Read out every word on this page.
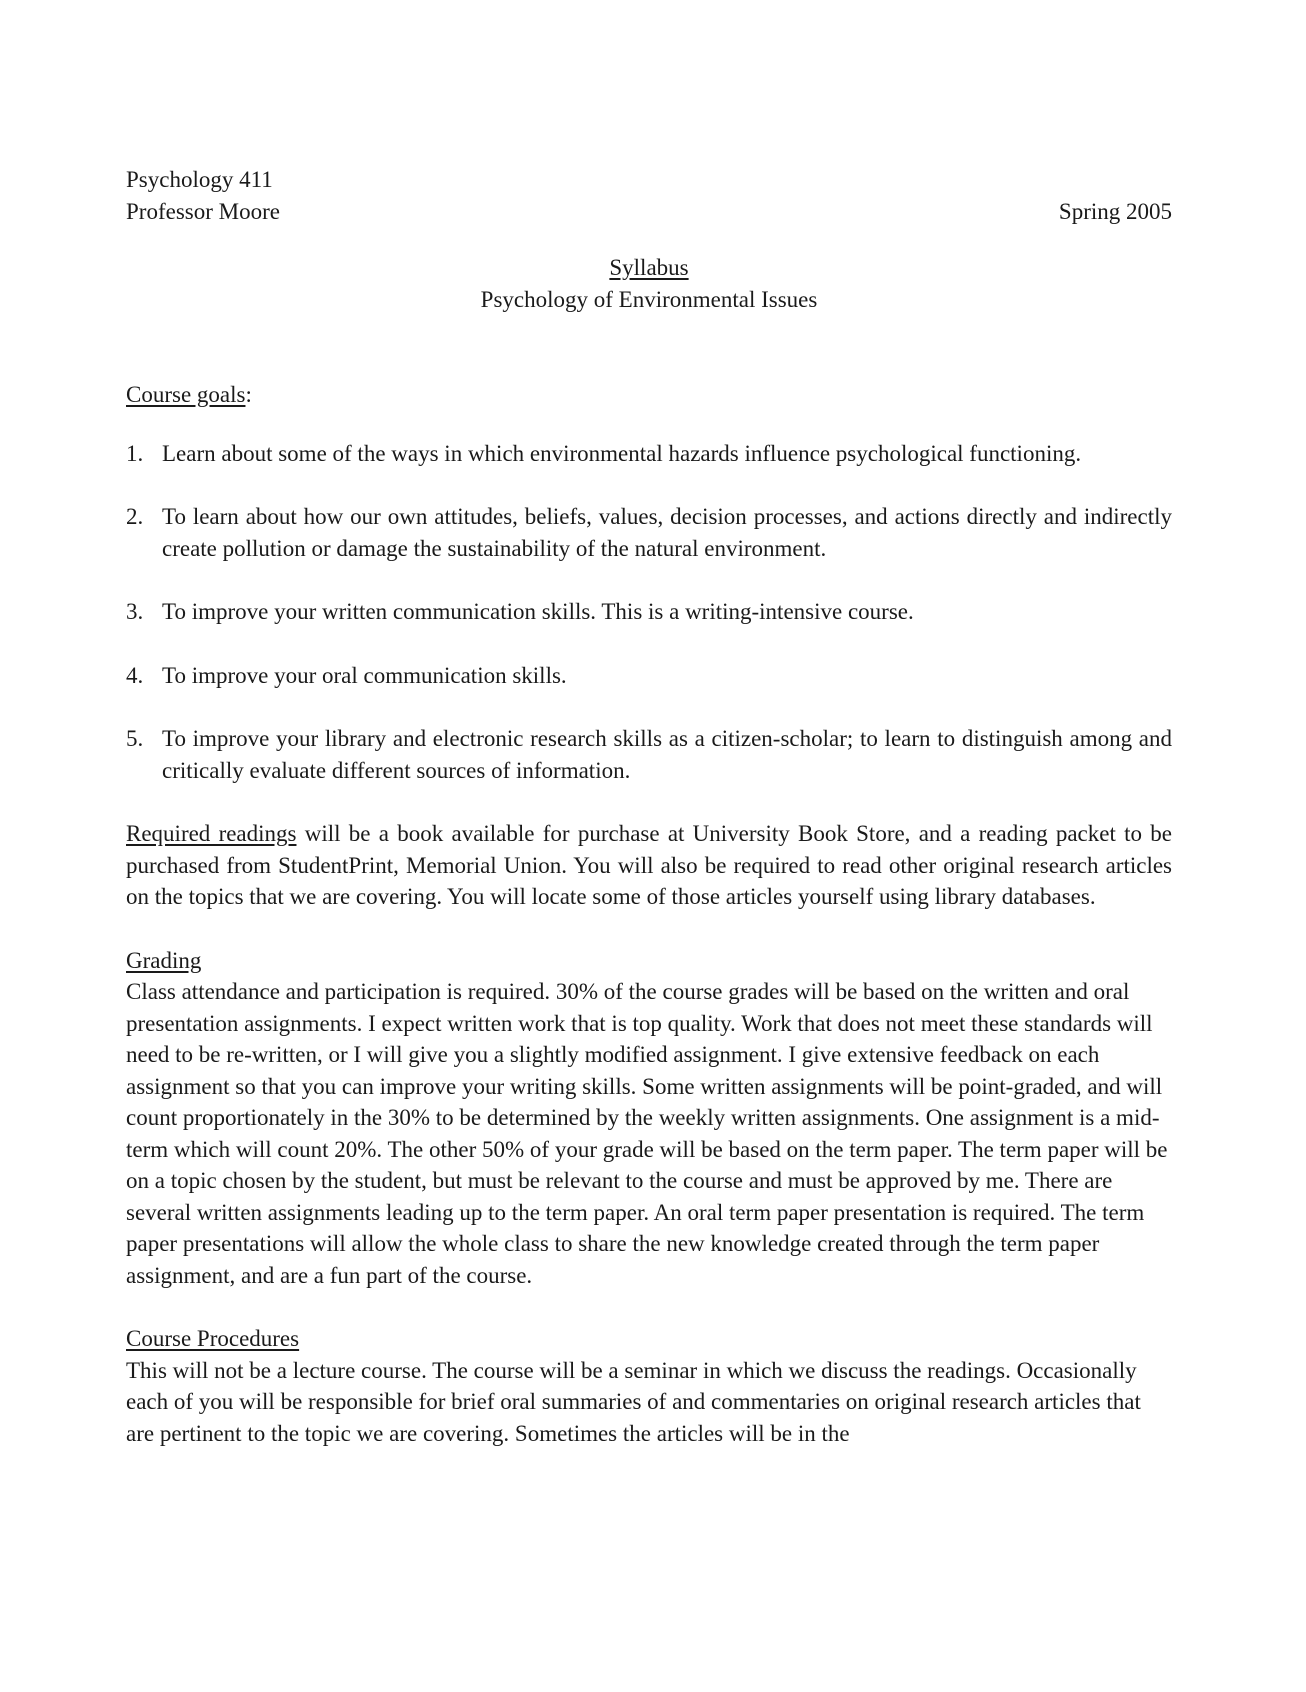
Psychology 411
Professor Moore	Spring 2005
Syllabus
Psychology of Environmental Issues
Course goals:
1. Learn about some of the ways in which environmental hazards influence psychological functioning.
2. To learn about how our own attitudes, beliefs, values, decision processes, and actions directly and indirectly create pollution or damage the sustainability of the natural environment.
3. To improve your written communication skills. This is a writing-intensive course.
4. To improve your oral communication skills.
5. To improve your library and electronic research skills as a citizen-scholar; to learn to distinguish among and critically evaluate different sources of information.
Required readings will be a book available for purchase at University Book Store, and a reading packet to be purchased from StudentPrint, Memorial Union. You will also be required to read other original research articles on the topics that we are covering. You will locate some of those articles yourself using library databases.
Grading
Class attendance and participation is required. 30% of the course grades will be based on the written and oral presentation assignments. I expect written work that is top quality. Work that does not meet these standards will need to be re-written, or I will give you a slightly modified assignment. I give extensive feedback on each assignment so that you can improve your writing skills. Some written assignments will be point-graded, and will count proportionately in the 30% to be determined by the weekly written assignments. One assignment is a mid-term which will count 20%. The other 50% of your grade will be based on the term paper. The term paper will be on a topic chosen by the student, but must be relevant to the course and must be approved by me. There are several written assignments leading up to the term paper. An oral term paper presentation is required. The term paper presentations will allow the whole class to share the new knowledge created through the term paper assignment, and are a fun part of the course.
Course Procedures
This will not be a lecture course. The course will be a seminar in which we discuss the readings. Occasionally each of you will be responsible for brief oral summaries of and commentaries on original research articles that are pertinent to the topic we are covering. Sometimes the articles will be in the
